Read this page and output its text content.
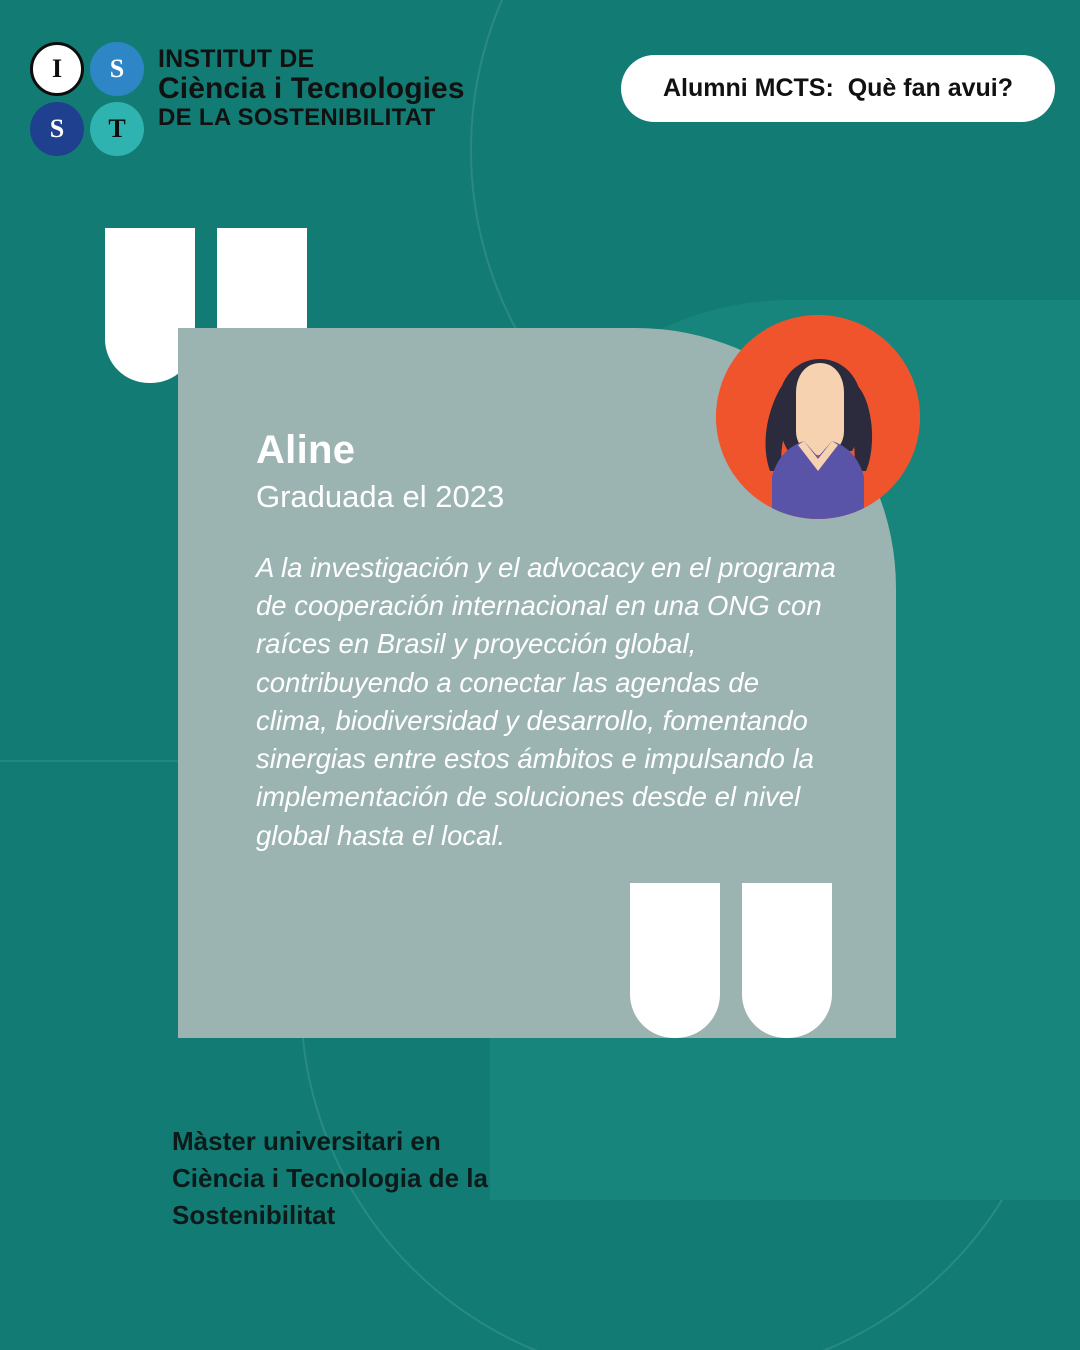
I	S
S	T
INSTITUT DE
Ciència i Tecnologies
DE LA SOSTENIBILITAT
Alumni MCTS:  Què fan avui?
Aline
Graduada el 2023
A la investigación y el advocacy en el programa de cooperación internacional en una ONG con raíces en Brasil y proyección global, contribuyendo a conectar las agendas de clima, biodiversidad y desarrollo, fomentando sinergias entre estos ámbitos e impulsando la implementación de soluciones desde el nivel global hasta el local.
Màster universitari en
Ciència i Tecnologia de la
Sostenibilitat
